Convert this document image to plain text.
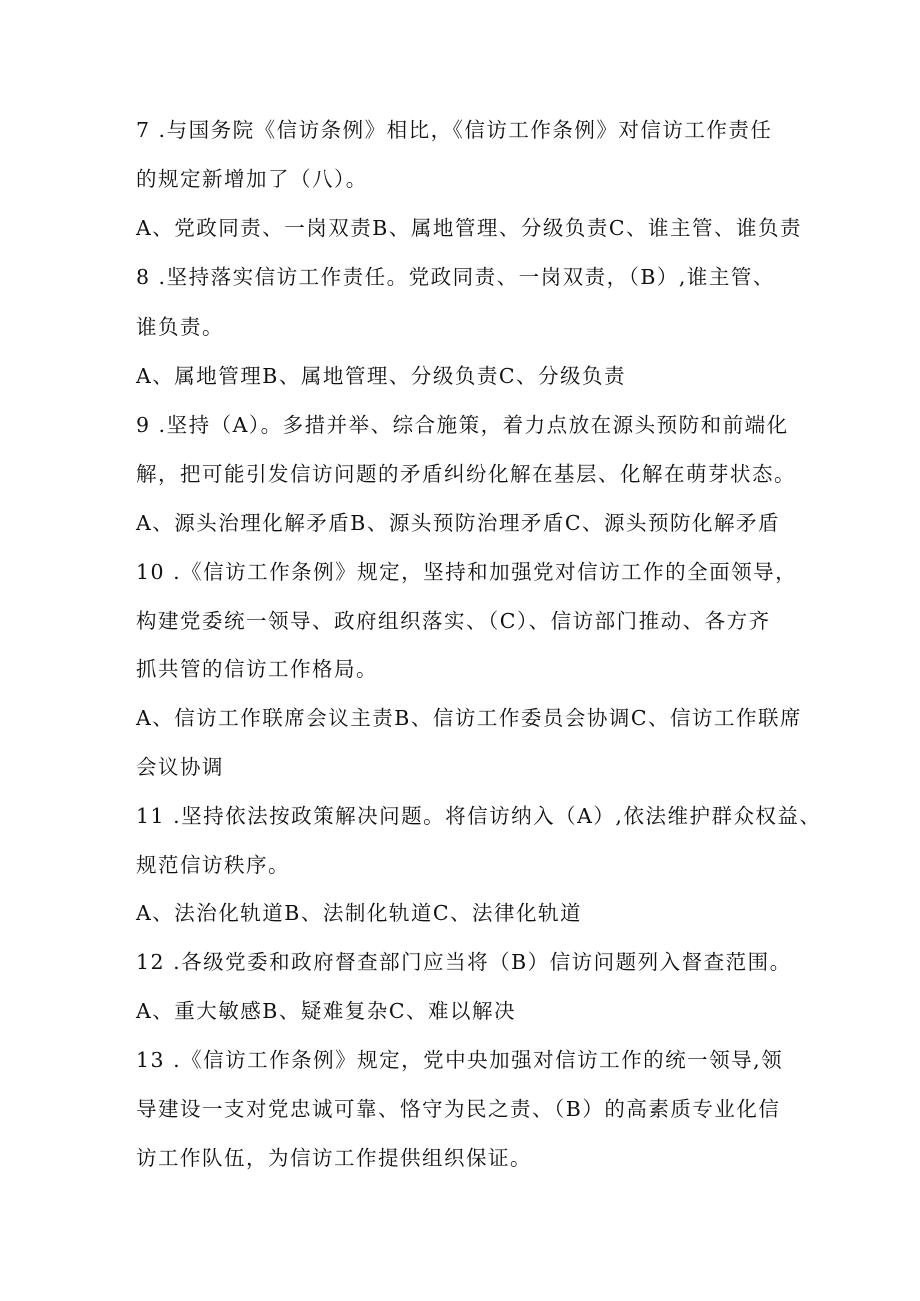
7 .与国务院《信访条例》相比，《信访工作条例》对信访工作责任
的规定新增加了（八）。
A、党政同责、一岗双责B、属地管理、分级负责C、谁主管、谁负责
8 .坚持落实信访工作责任。党政同责、一岗双责，（B）,谁主管、
谁负责。
A、属地管理B、属地管理、分级负责C、分级负责
9 .坚持（A）。多措并举、综合施策，着力点放在源头预防和前端化
解，把可能引发信访问题的矛盾纠纷化解在基层、化解在萌芽状态。
A、源头治理化解矛盾B、源头预防治理矛盾C、源头预防化解矛盾
10 .《信访工作条例》规定，坚持和加强党对信访工作的全面领导，
构建党委统一领导、政府组织落实、（C）、信访部门推动、各方齐
抓共管的信访工作格局。
A、信访工作联席会议主责B、信访工作委员会协调C、信访工作联席
会议协调
11 .坚持依法按政策解决问题。将信访纳入（A）,依法维护群众权益、
规范信访秩序。
A、法治化轨道B、法制化轨道C、法律化轨道
12 .各级党委和政府督查部门应当将（B）信访问题列入督查范围。
A、重大敏感B、疑难复杂C、难以解决
13 .《信访工作条例》规定，党中央加强对信访工作的统一领导,领
导建设一支对党忠诚可靠、恪守为民之责、（B）的高素质专业化信
访工作队伍，为信访工作提供组织保证。
